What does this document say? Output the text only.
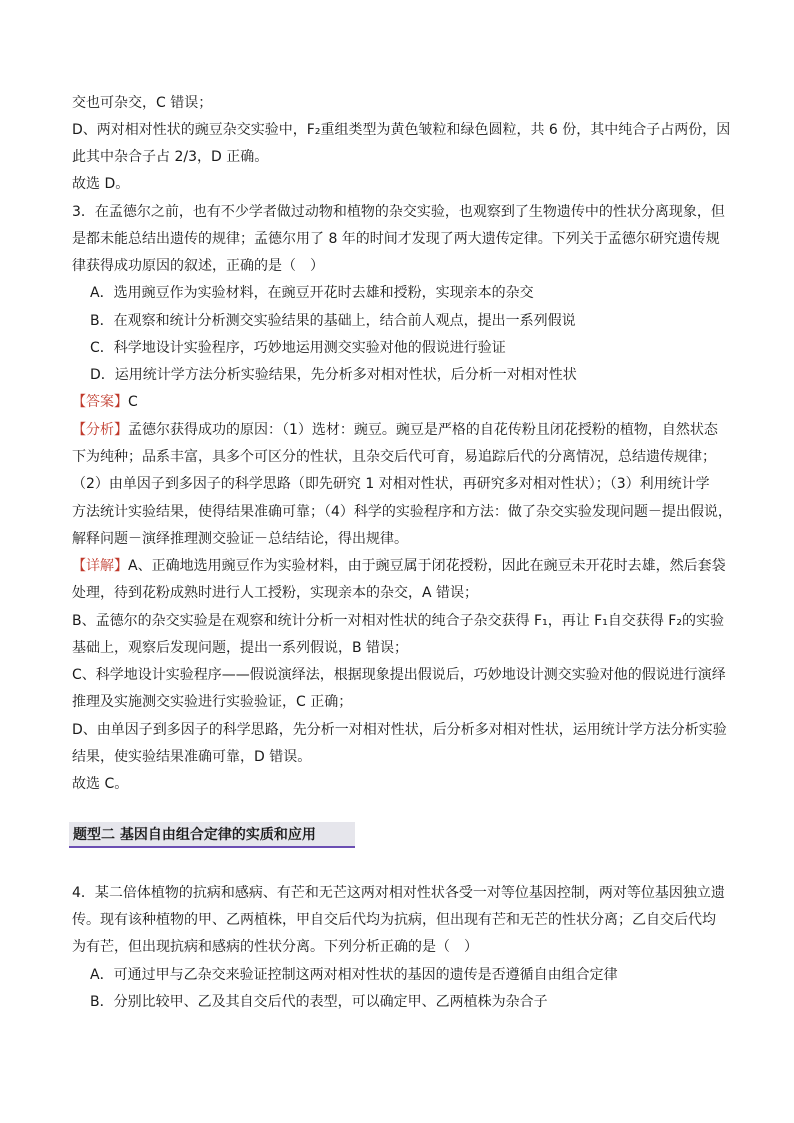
交也可杂交，C 错误；
D、两对相对性状的豌豆杂交实验中，F₂重组类型为黄色皱粒和绿色圆粒，共 6 份，其中纯合子占两份，因
此其中杂合子占 2/3，D 正确。
故选 D。
3．在孟德尔之前，也有不少学者做过动物和植物的杂交实验，也观察到了生物遗传中的性状分离现象，但
是都未能总结出遗传的规律；孟德尔用了 8 年的时间才发现了两大遗传定律。下列关于孟德尔研究遗传规
律获得成功原因的叙述，正确的是（　）
A．选用豌豆作为实验材料，在豌豆开花时去雄和授粉，实现亲本的杂交
B．在观察和统计分析测交实验结果的基础上，结合前人观点，提出一系列假说
C．科学地设计实验程序，巧妙地运用测交实验对他的假说进行验证
D．运用统计学方法分析实验结果，先分析多对相对性状，后分析一对相对性状
【答案】C
【分析】孟德尔获得成功的原因：（1）选材：豌豆。豌豆是严格的自花传粉且闭花授粉的植物，自然状态
下为纯种；品系丰富，具多个可区分的性状，且杂交后代可育，易追踪后代的分离情况，总结遗传规律；
（2）由单因子到多因子的科学思路（即先研究 1 对相对性状，再研究多对相对性状）；（3）利用统计学
方法统计实验结果，使得结果准确可靠；（4）科学的实验程序和方法：做了杂交实验发现问题－提出假说，
解释问题－演绎推理测交验证－总结结论，得出规律。
【详解】A、正确地选用豌豆作为实验材料，由于豌豆属于闭花授粉，因此在豌豆未开花时去雄，然后套袋
处理，待到花粉成熟时进行人工授粉，实现亲本的杂交，A 错误；
B、孟德尔的杂交实验是在观察和统计分析一对相对性状的纯合子杂交获得 F₁，再让 F₁自交获得 F₂的实验
基础上，观察后发现问题，提出一系列假说，B 错误；
C、科学地设计实验程序——假说演绎法，根据现象提出假说后，巧妙地设计测交实验对他的假说进行演绎
推理及实施测交实验进行实验验证，C 正确；
D、由单因子到多因子的科学思路，先分析一对相对性状，后分析多对相对性状，运用统计学方法分析实验
结果，使实验结果准确可靠，D 错误。
故选 C。
题型二 基因自由组合定律的实质和应用
4．某二倍体植物的抗病和感病、有芒和无芒这两对相对性状各受一对等位基因控制，两对等位基因独立遗
传。现有该种植物的甲、乙两植株，甲自交后代均为抗病，但出现有芒和无芒的性状分离；乙自交后代均
为有芒，但出现抗病和感病的性状分离。下列分析正确的是（　）
A．可通过甲与乙杂交来验证控制这两对相对性状的基因的遗传是否遵循自由组合定律
B．分别比较甲、乙及其自交后代的表型，可以确定甲、乙两植株为杂合子
